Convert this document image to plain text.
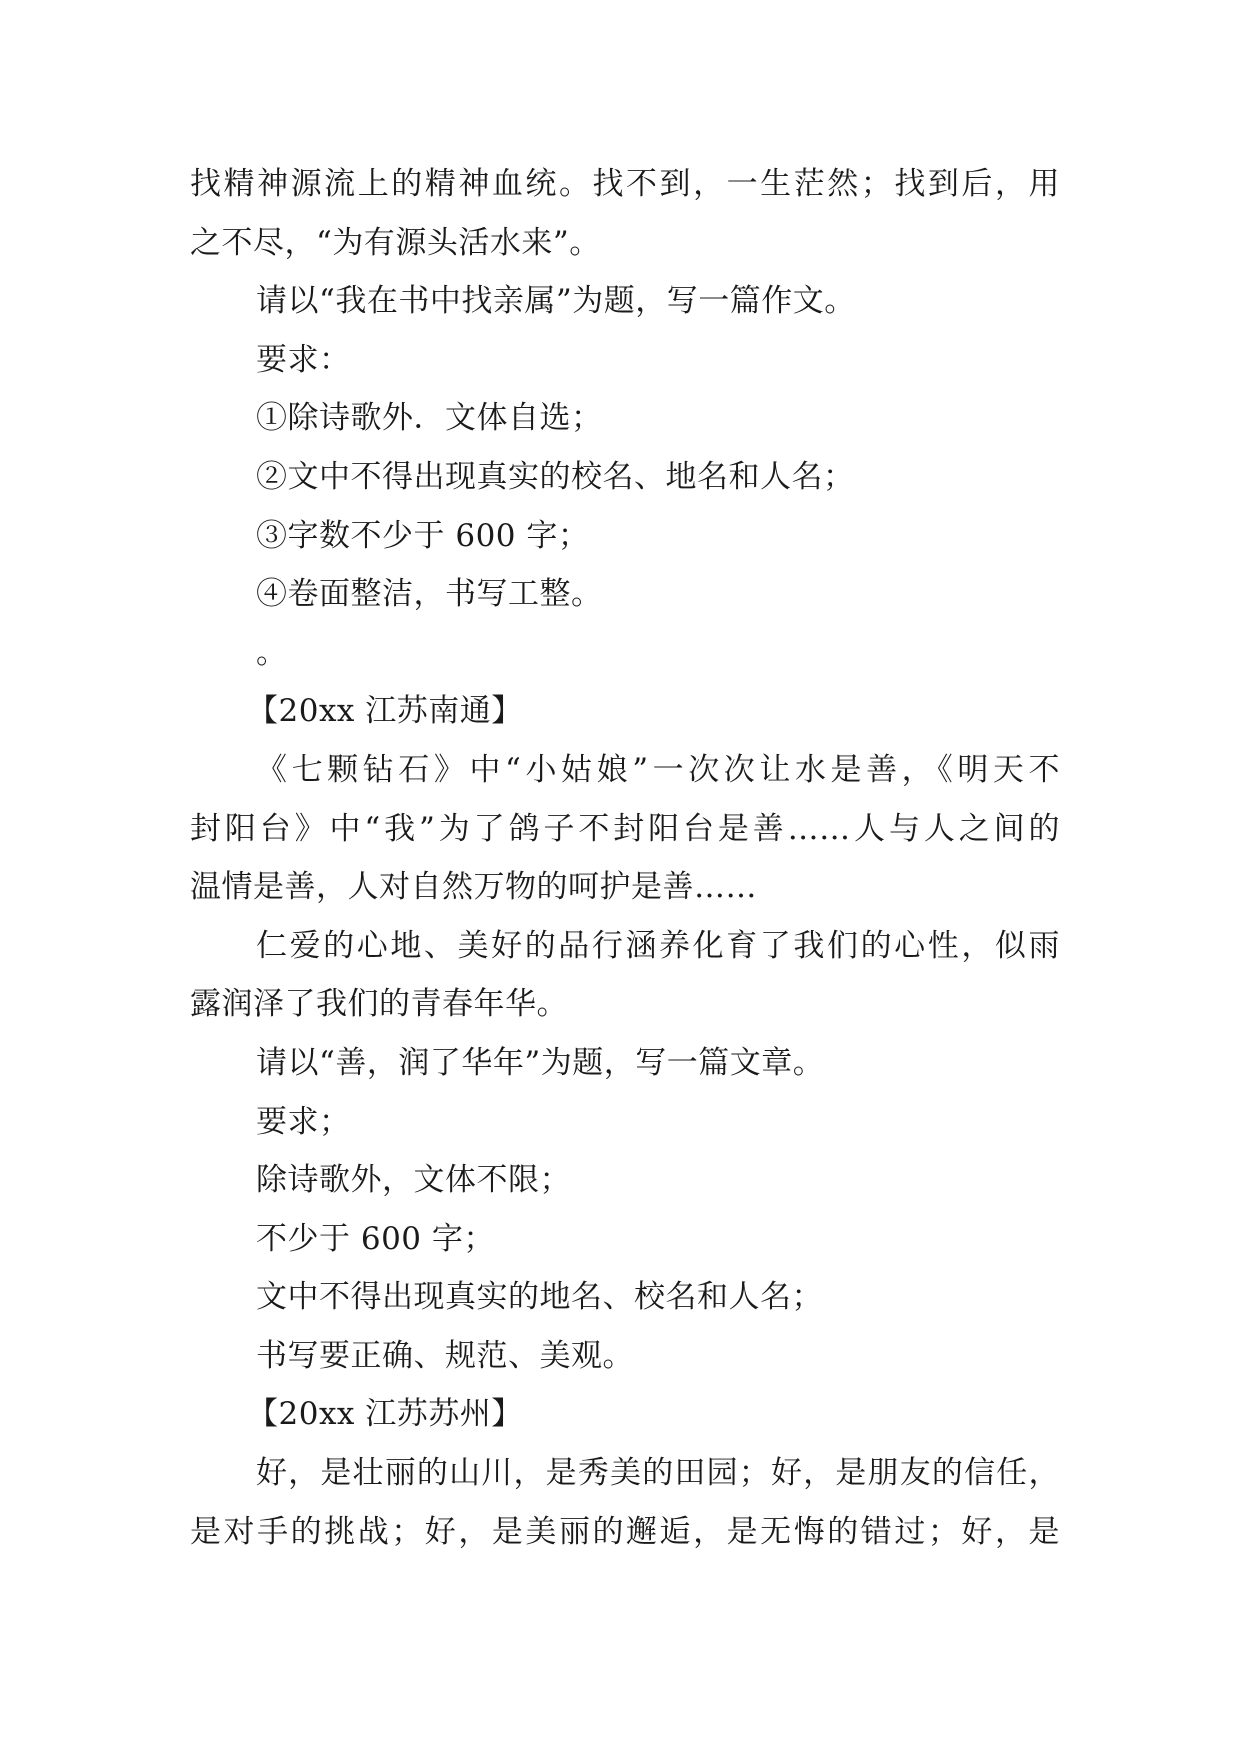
找精神源流上的精神血统。找不到，一生茫然；找到后，用
之不尽，“为有源头活水来”。
请以“我在书中找亲属”为题，写一篇作文。
要求：
①除诗歌外．文体自选；
②文中不得出现真实的校名、地名和人名；
③字数不少于 600 字；
④卷面整洁，书写工整。
。
【20xx 江苏南通】
《七颗钻石》中“小姑娘”一次次让水是善，《明天不
封阳台》中“我”为了鸽子不封阳台是善……人与人之间的
温情是善，人对自然万物的呵护是善……
仁爱的心地、美好的品行涵养化育了我们的心性，似雨
露润泽了我们的青春年华。
请以“善，润了华年”为题，写一篇文章。
要求；
除诗歌外，文体不限；
不少于 600 字；
文中不得出现真实的地名、校名和人名；
书写要正确、规范、美观。
【20xx 江苏苏州】
好，是壮丽的山川，是秀美的田园；好，是朋友的信任，
是对手的挑战；好，是美丽的邂逅，是无悔的错过；好，是
